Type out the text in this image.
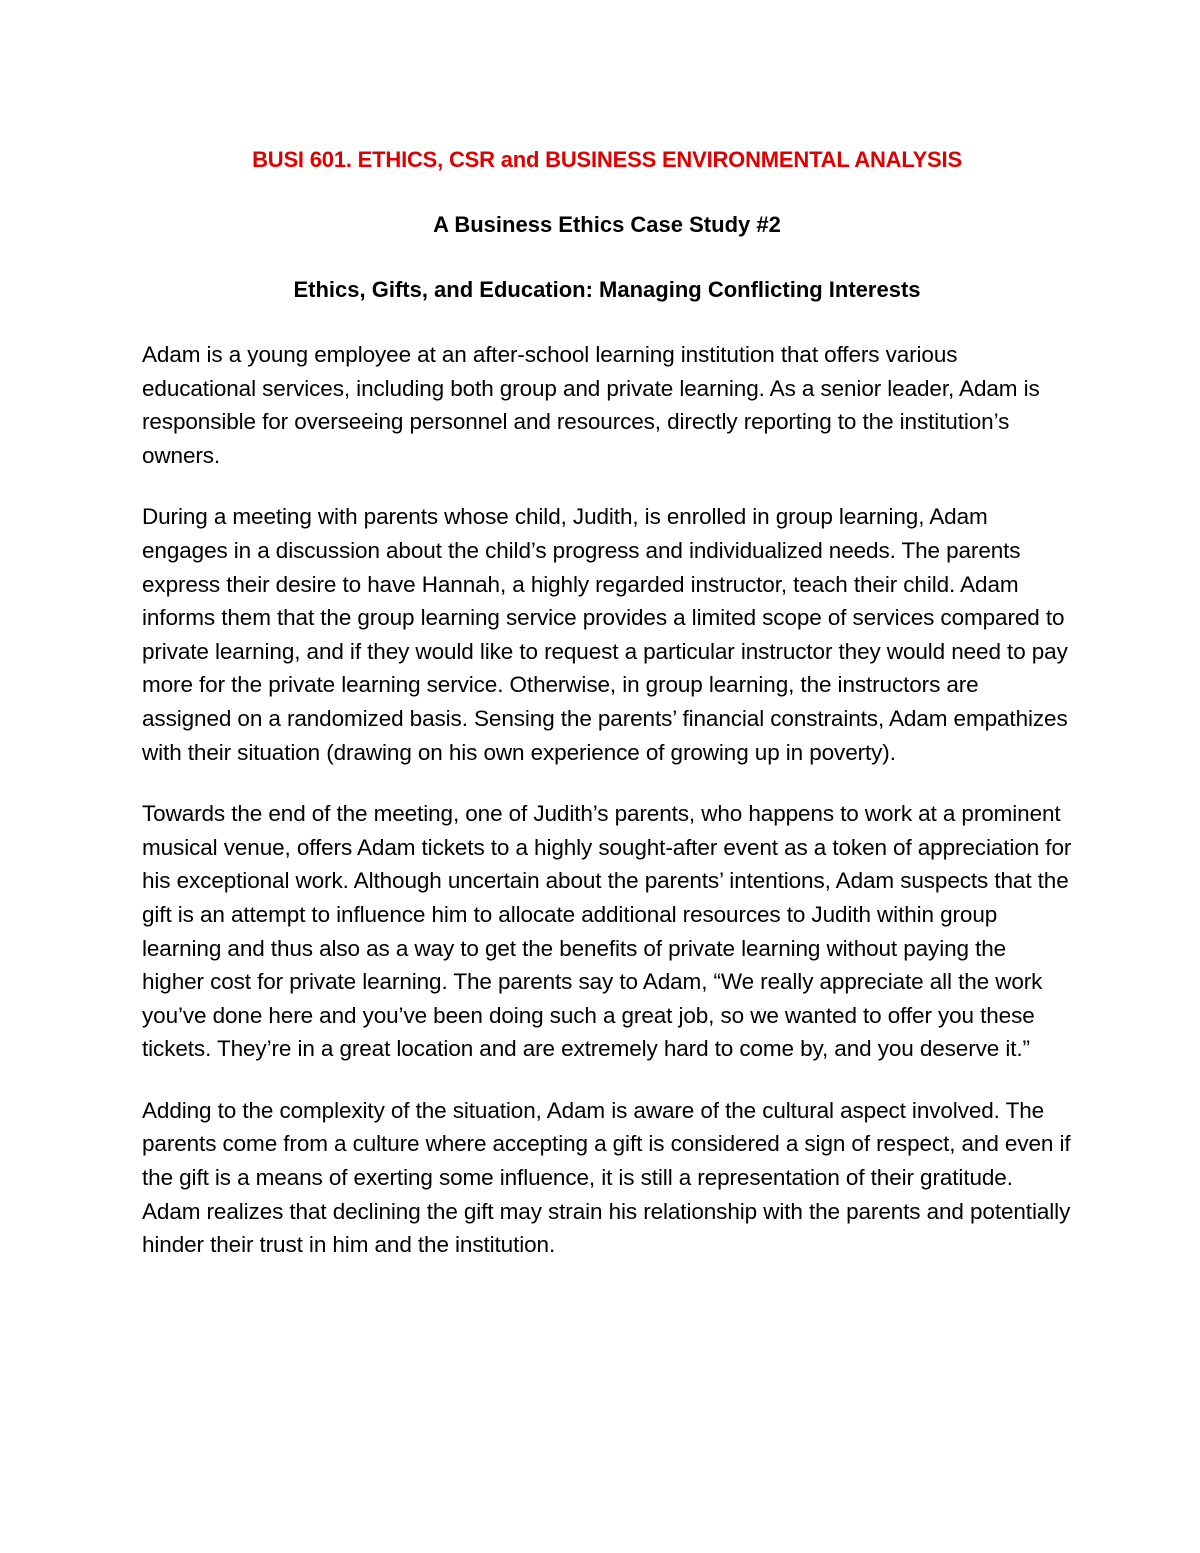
BUSI 601. ETHICS, CSR and BUSINESS ENVIRONMENTAL ANALYSIS
A Business Ethics Case Study #2
Ethics, Gifts, and Education: Managing Conflicting Interests

Adam is a young employee at an after-school learning institution that offers various educational services, including both group and private learning. As a senior leader, Adam is responsible for overseeing personnel and resources, directly reporting to the institution’s owners.

During a meeting with parents whose child, Judith, is enrolled in group learning, Adam engages in a discussion about the child’s progress and individualized needs. The parents express their desire to have Hannah, a highly regarded instructor, teach their child. Adam informs them that the group learning service provides a limited scope of services compared to private learning, and if they would like to request a particular instructor they would need to pay more for the private learning service. Otherwise, in group learning, the instructors are assigned on a randomized basis. Sensing the parents’ financial constraints, Adam empathizes with their situation (drawing on his own experience of growing up in poverty).

Towards the end of the meeting, one of Judith’s parents, who happens to work at a prominent musical venue, offers Adam tickets to a highly sought-after event as a token of appreciation for his exceptional work. Although uncertain about the parents’ intentions, Adam suspects that the gift is an attempt to influence him to allocate additional resources to Judith within group learning and thus also as a way to get the benefits of private learning without paying the higher cost for private learning. The parents say to Adam, “We really appreciate all the work you’ve done here and you’ve been doing such a great job, so we wanted to offer you these tickets. They’re in a great location and are extremely hard to come by, and you deserve it.”

Adding to the complexity of the situation, Adam is aware of the cultural aspect involved. The parents come from a culture where accepting a gift is considered a sign of respect, and even if the gift is a means of exerting some influence, it is still a representation of their gratitude. Adam realizes that declining the gift may strain his relationship with the parents and potentially hinder their trust in him and the institution.
